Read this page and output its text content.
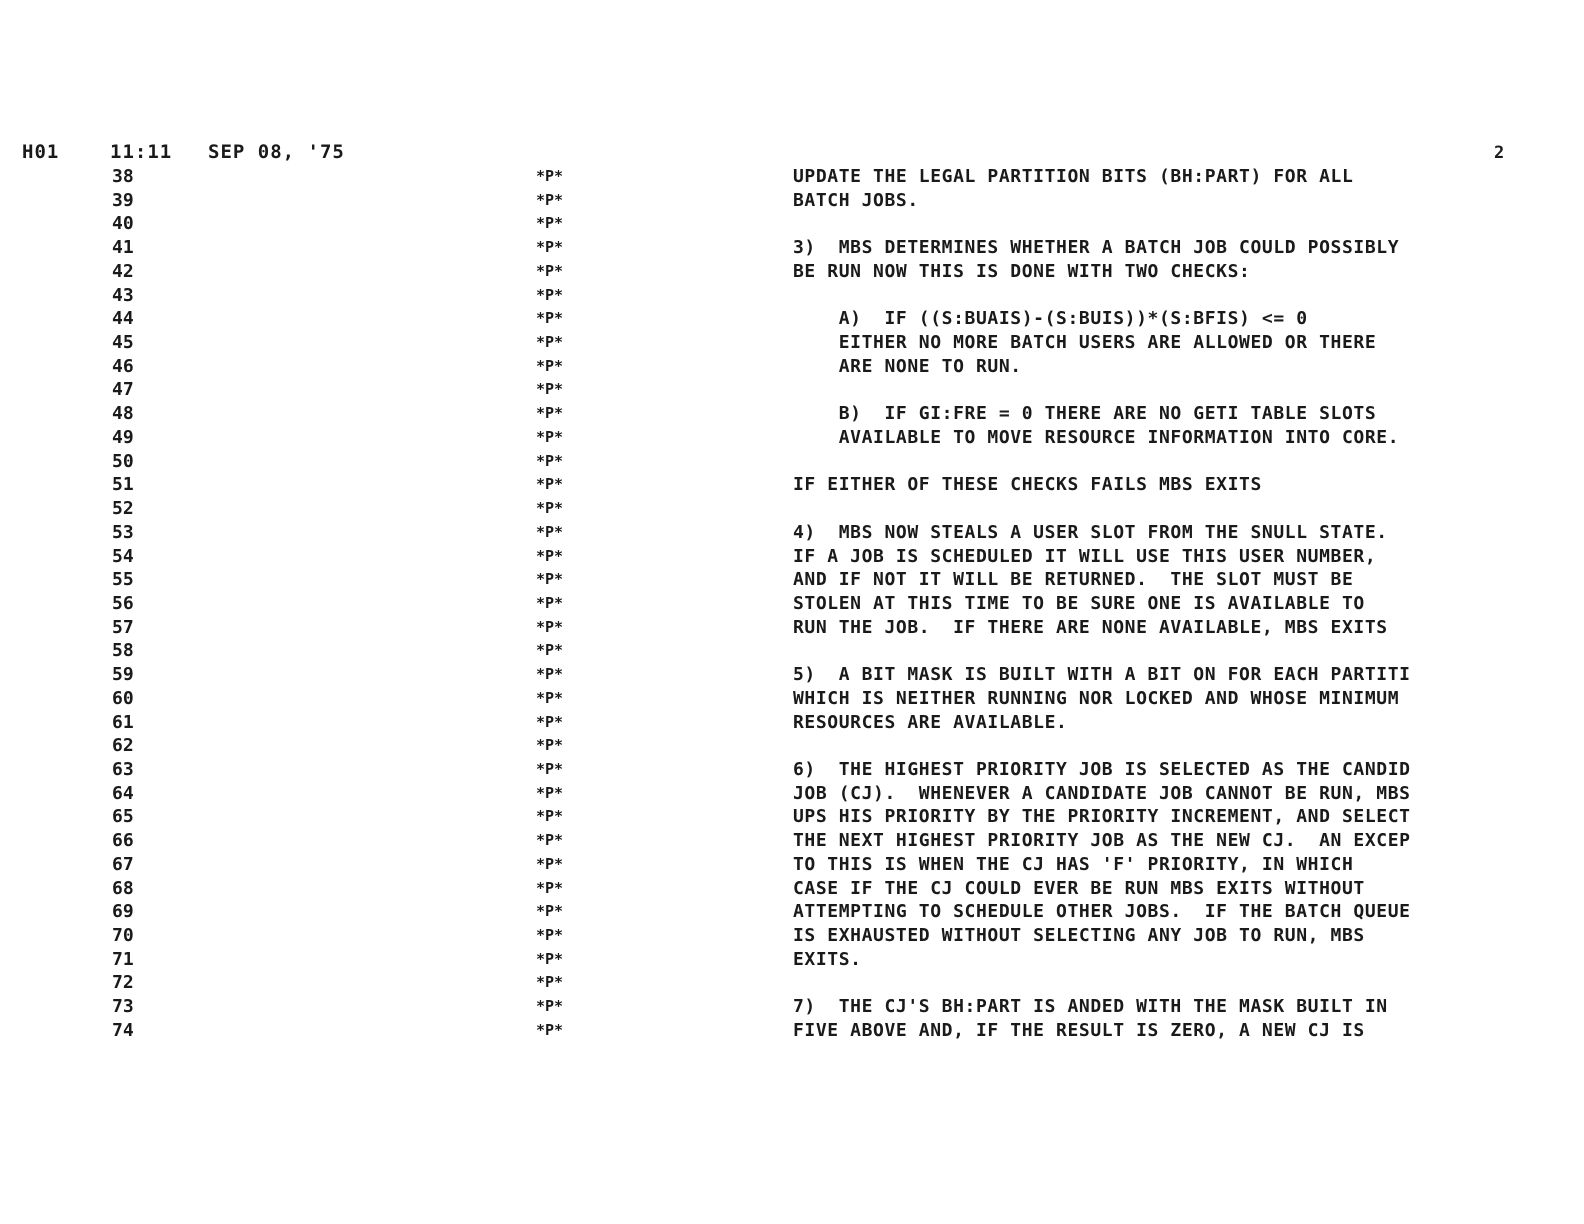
H01	11:11 SEP 08, '75	2
38	*P*	UPDATE THE LEGAL PARTITION BITS (BH:PART) FOR ALL
39	*P*	BATCH JOBS.
40	*P*
41	*P*	3)  MBS DETERMINES WHETHER A BATCH JOB COULD POSSIBLY
42	*P*	BE RUN NOW THIS IS DONE WITH TWO CHECKS:
43	*P*
44	*P*	A)  IF ((S:BUAIS)-(S:BUIS))*(S:BFIS) <= 0
45	*P*	EITHER NO MORE BATCH USERS ARE ALLOWED OR THERE
46	*P*	ARE NONE TO RUN.
47	*P*
48	*P*	B)  IF GI:FRE = 0 THERE ARE NO GETI TABLE SLOTS
49	*P*	AVAILABLE TO MOVE RESOURCE INFORMATION INTO CORE.
50	*P*
51	*P*	IF EITHER OF THESE CHECKS FAILS MBS EXITS
52	*P*
53	*P*	4)  MBS NOW STEALS A USER SLOT FROM THE SNULL STATE.
54	*P*	IF A JOB IS SCHEDULED IT WILL USE THIS USER NUMBER,
55	*P*	AND IF NOT IT WILL BE RETURNED.  THE SLOT MUST BE
56	*P*	STOLEN AT THIS TIME TO BE SURE ONE IS AVAILABLE TO
57	*P*	RUN THE JOB.  IF THERE ARE NONE AVAILABLE, MBS EXITS
58	*P*
59	*P*	5)  A BIT MASK IS BUILT WITH A BIT ON FOR EACH PARTITI
60	*P*	WHICH IS NEITHER RUNNING NOR LOCKED AND WHOSE MINIMUM
61	*P*	RESOURCES ARE AVAILABLE.
62	*P*
63	*P*	6)  THE HIGHEST PRIORITY JOB IS SELECTED AS THE CANDID
64	*P*	JOB (CJ).  WHENEVER A CANDIDATE JOB CANNOT BE RUN, MBS
65	*P*	UPS HIS PRIORITY BY THE PRIORITY INCREMENT, AND SELECT
66	*P*	THE NEXT HIGHEST PRIORITY JOB AS THE NEW CJ.  AN EXCEP
67	*P*	TO THIS IS WHEN THE CJ HAS 'F' PRIORITY, IN WHICH
68	*P*	CASE IF THE CJ COULD EVER BE RUN MBS EXITS WITHOUT
69	*P*	ATTEMPTING TO SCHEDULE OTHER JOBS.  IF THE BATCH QUEUE
70	*P*	IS EXHAUSTED WITHOUT SELECTING ANY JOB TO RUN, MBS
71	*P*	EXITS.
72	*P*
73	*P*	7)  THE CJ'S BH:PART IS ANDED WITH THE MASK BUILT IN
74	*P*	FIVE ABOVE AND, IF THE RESULT IS ZERO, A NEW CJ IS
